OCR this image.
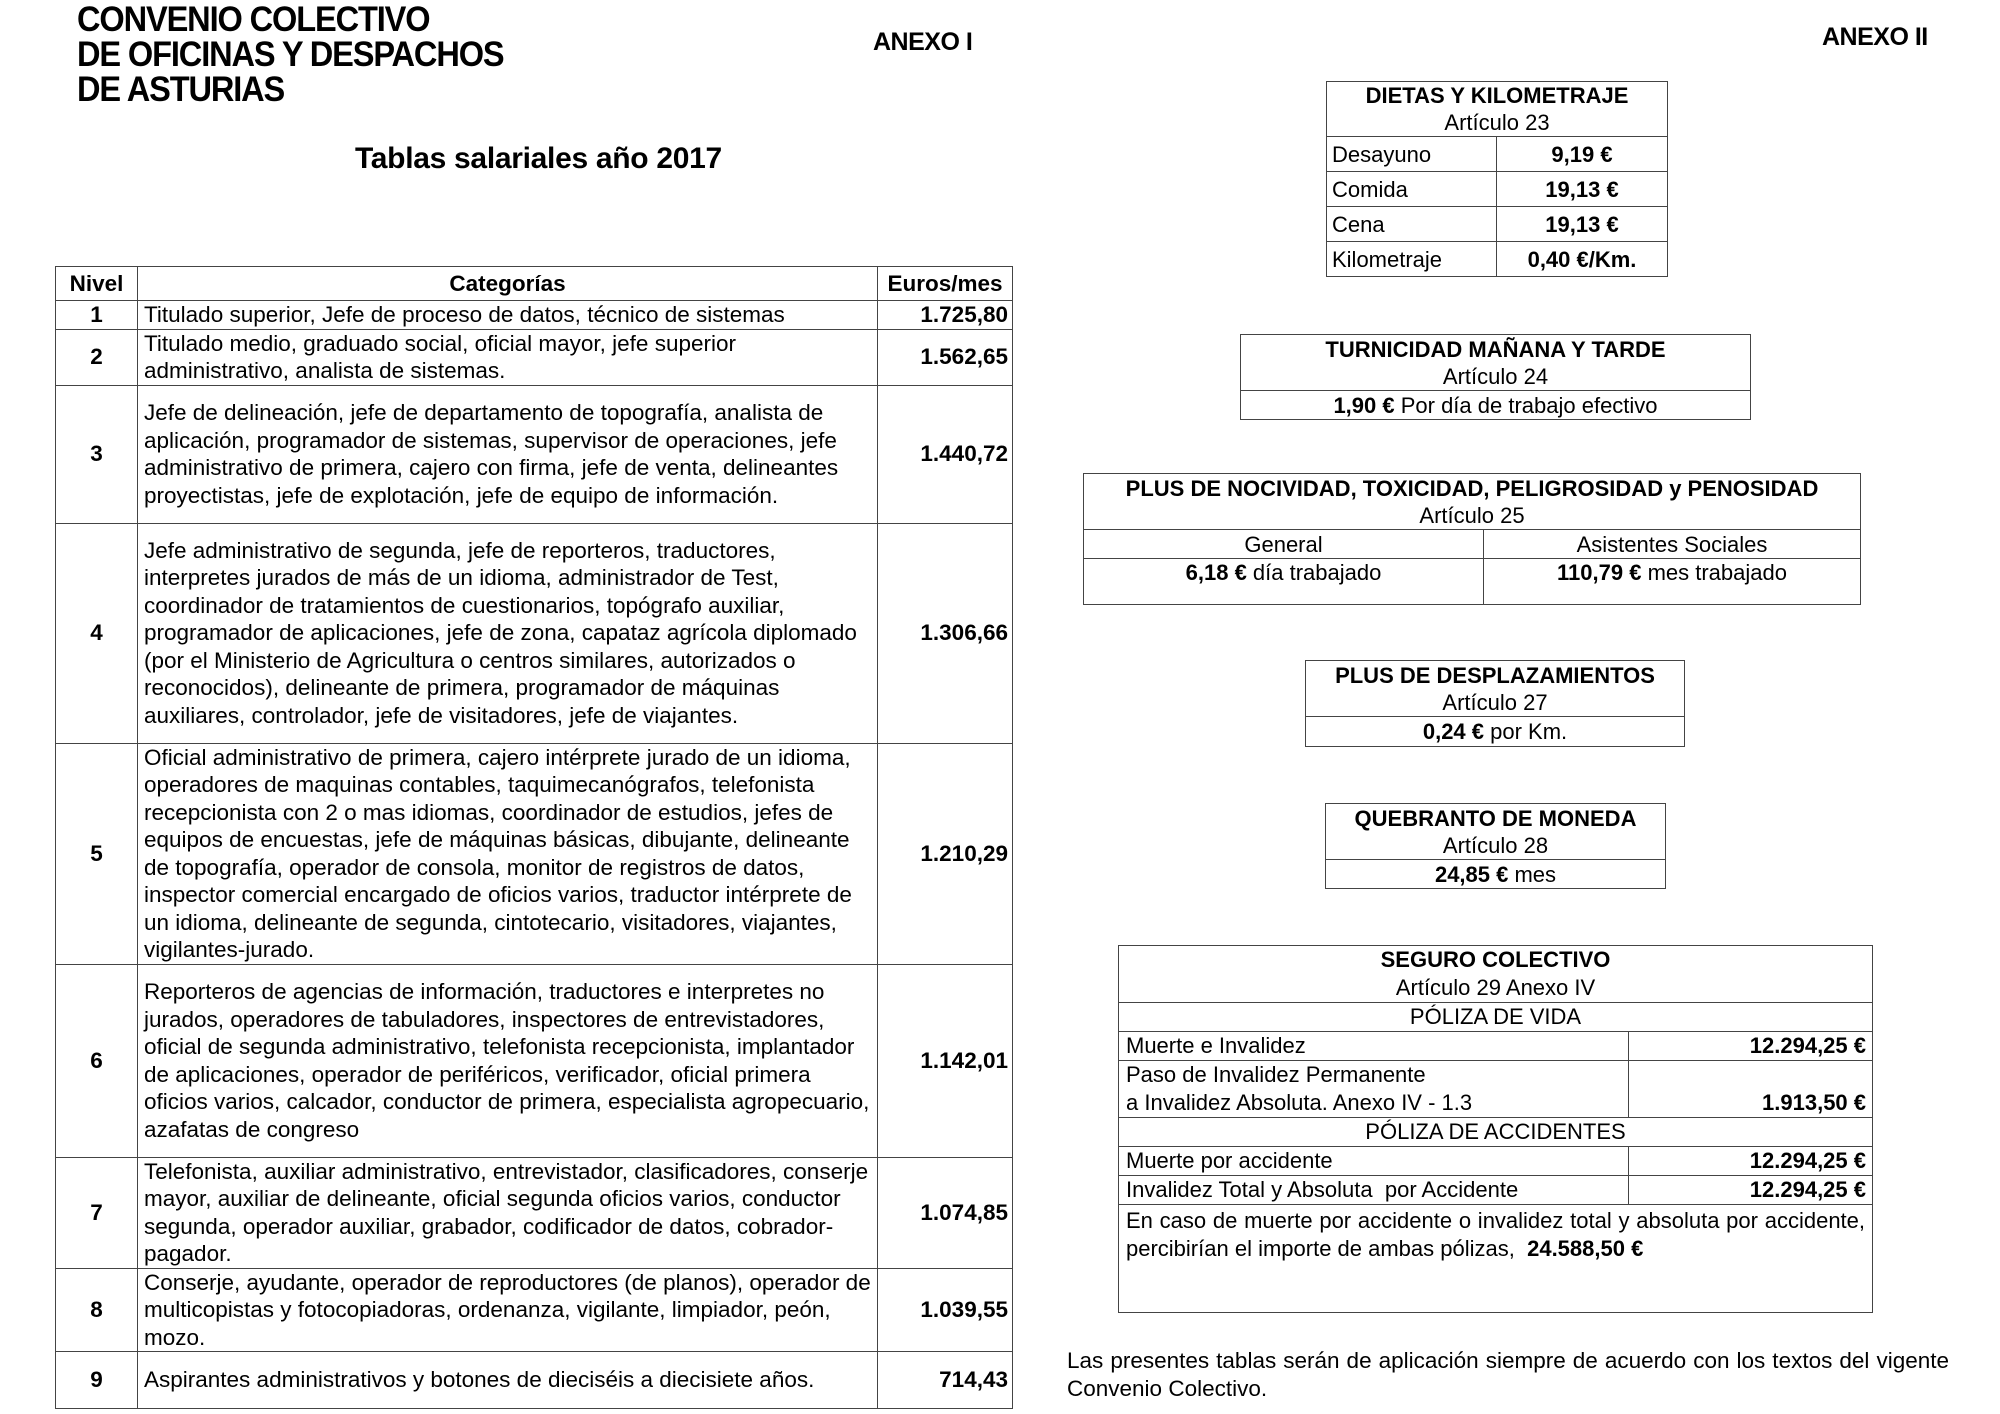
CONVENIO COLECTIVO
DE OFICINAS Y DESPACHOS
DE ASTURIAS
ANEXO I	ANEXO II
Tablas salariales año 2017
Nivel	Categorías	Euros/mes
1	Titulado superior, Jefe de proceso de datos, técnico de sistemas	1.725,80
2	Titulado medio, graduado social, oficial mayor, jefe superior administrativo, analista de sistemas.	1.562,65
3	Jefe de delineación, jefe de departamento de topografía, analista de aplicación, programador de sistemas, supervisor de operaciones, jefe administrativo de primera, cajero con firma, jefe de venta, delineantes proyectistas, jefe de explotación, jefe de equipo de información.	1.440,72
4	Jefe administrativo de segunda, jefe de reporteros, traductores, interpretes jurados de más de un idioma, administrador de Test, coordinador de tratamientos de cuestionarios, topógrafo auxiliar, programador de aplicaciones, jefe de zona, capataz agrícola diplomado (por el Ministerio de Agricultura o centros similares, autorizados o reconocidos), delineante de primera, programador de máquinas auxiliares, controlador, jefe de visitadores, jefe de viajantes.	1.306,66
5	Oficial administrativo de primera, cajero intérprete jurado de un idioma, operadores de maquinas contables, taquimecanógrafos, telefonista recepcionista con 2 o mas idiomas, coordinador de estudios, jefes de equipos de encuestas, jefe de máquinas básicas, dibujante, delineante de topografía, operador de consola, monitor de registros de datos, inspector comercial encargado de oficios varios, traductor intérprete de un idioma, delineante de segunda, cintotecario, visitadores, viajantes, vigilantes-jurado.	1.210,29
6	Reporteros de agencias de información, traductores e interpretes no jurados, operadores de tabuladores, inspectores de entrevistadores, oficial de segunda administrativo, telefonista recepcionista, implantador de aplicaciones, operador de periféricos, verificador, oficial primera oficios varios, calcador, conductor de primera, especialista agropecuario, azafatas de congreso	1.142,01
7	Telefonista, auxiliar administrativo, entrevistador, clasificadores, conserje mayor, auxiliar de delineante, oficial segunda oficios varios, conductor segunda, operador auxiliar, grabador, codificador de datos, cobrador-pagador.	1.074,85
8	Conserje, ayudante, operador de reproductores (de planos), operador de multicopistas y fotocopiadoras, ordenanza, vigilante, limpiador, peón, mozo.	1.039,55
9	Aspirantes administrativos y botones de dieciséis a diecisiete años.	714,43
DIETAS Y KILOMETRAJE
Artículo 23	

Desayuno	9,19 €
Comida	19,13 €
Cena	19,13 €
Kilometraje	0,40 €/Km.
TURNICIDAD MAÑANA Y TARDE
Artículo 24

1,90 € Por día de trabajo efectivo
PLUS DE NOCIVIDAD, TOXICIDAD, PELIGROSIDAD y PENOSIDAD
Artículo 25	

General	Asistentes Sociales
6,18 € día trabajado	110,79 € mes trabajado
PLUS DE DESPLAZAMIENTOS
Artículo 27

0,24 € por Km.
QUEBRANTO DE MONEDA
Artículo 28

24,85 € mes
SEGURO COLECTIVO
Artículo 29 Anexo IV	

PÓLIZA DE VIDA	
Muerte e Invalidez	12.294,25 €

Paso de Invalidez Permanente
a Invalidez Absoluta. Anexo IV - 1.3	1.913,50 €
PÓLIZA DE ACCIDENTES	
Muerte por accidente	12.294,25 €
Invalidez Total y Absoluta  por Accidente	12.294,25 €
En caso de muerte por accidente o invalidez total y absoluta por accidente, percibirían el importe de ambas pólizas,  24.588,50 €	
Las presentes tablas serán de aplicación siempre de acuerdo con los textos del vigente Convenio Colectivo.
